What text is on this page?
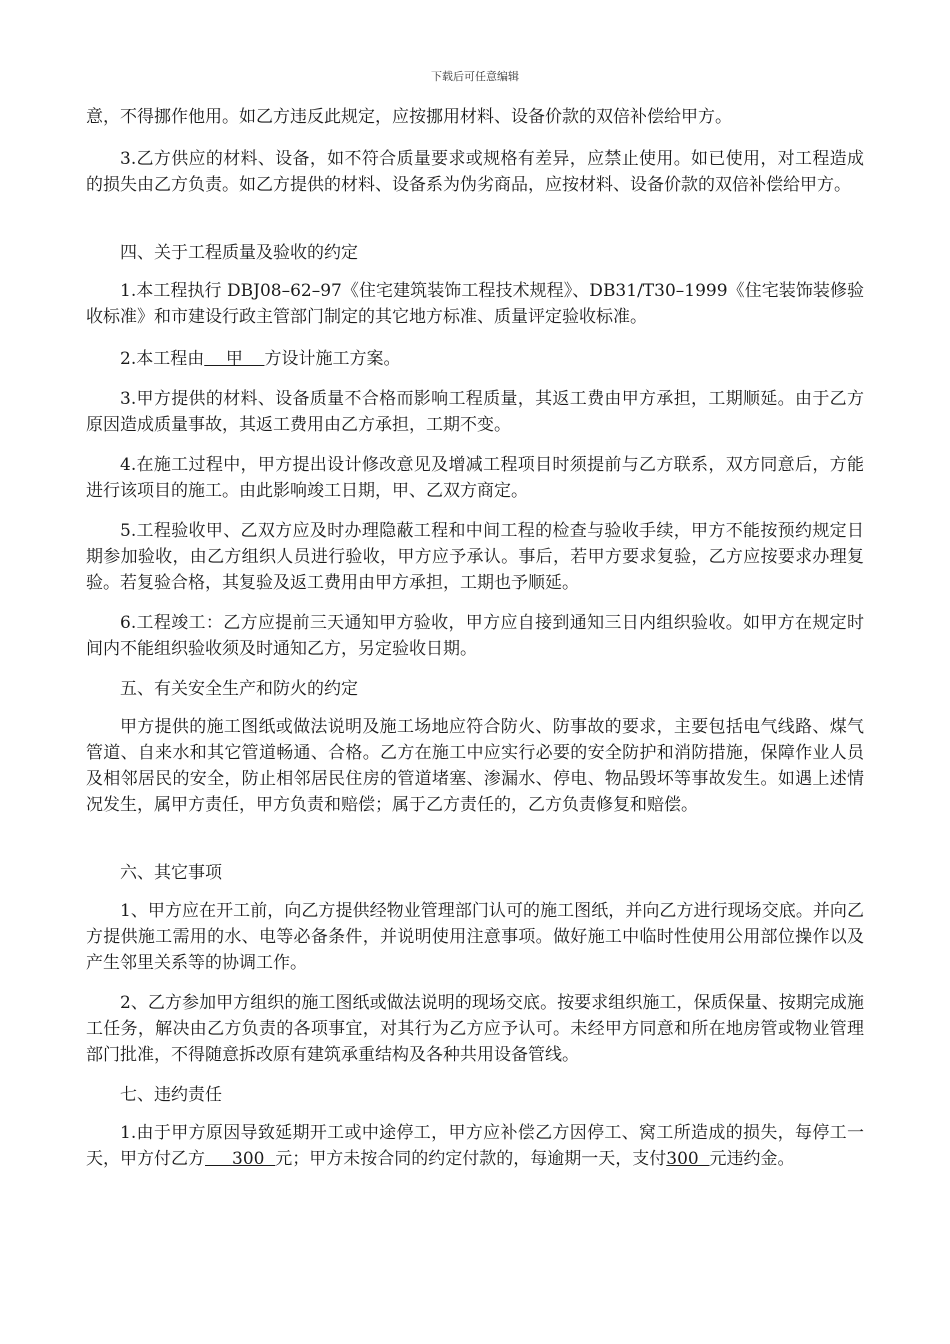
下载后可任意编辑

意，不得挪作他用。如乙方违反此规定，应按挪用材料、设备价款的双倍补偿给甲方。

3.乙方供应的材料、设备，如不符合质量要求或规格有差异，应禁止使用。如已使用，对工程造成的损失由乙方负责。如乙方提供的材料、设备系为伪劣商品，应按材料、设备价款的双倍补偿给甲方。

四、关于工程质量及验收的约定

1.本工程执行 DBJ08–62–97《住宅建筑装饰工程技术规程》、DB31/T30–1999《住宅装饰装修验收标准》和市建设行政主管部门制定的其它地方标准、质量评定验收标准。

2.本工程由    甲    方设计施工方案。

3.甲方提供的材料、设备质量不合格而影响工程质量，其返工费由甲方承担，工期顺延。由于乙方原因造成质量事故，其返工费用由乙方承担，工期不变。

4.在施工过程中，甲方提出设计修改意见及增减工程项目时须提前与乙方联系，双方同意后，方能进行该项目的施工。由此影响竣工日期，甲、乙双方商定。

5.工程验收甲、乙双方应及时办理隐蔽工程和中间工程的检查与验收手续，甲方不能按预约规定日期参加验收，由乙方组织人员进行验收，甲方应予承认。事后，若甲方要求复验，乙方应按要求办理复验。若复验合格，其复验及返工费用由甲方承担，工期也予顺延。

6.工程竣工：乙方应提前三天通知甲方验收，甲方应自接到通知三日内组织验收。如甲方在规定时间内不能组织验收须及时通知乙方，另定验收日期。

五、有关安全生产和防火的约定

甲方提供的施工图纸或做法说明及施工场地应符合防火、防事故的要求，主要包括电气线路、煤气管道、自来水和其它管道畅通、合格。乙方在施工中应实行必要的安全防护和消防措施，保障作业人员及相邻居民的安全，防止相邻居民住房的管道堵塞、渗漏水、停电、物品毁坏等事故发生。如遇上述情况发生，属甲方责任，甲方负责和赔偿；属于乙方责任的，乙方负责修复和赔偿。

六、其它事项

1、甲方应在开工前，向乙方提供经物业管理部门认可的施工图纸，并向乙方进行现场交底。并向乙方提供施工需用的水、电等必备条件，并说明使用注意事项。做好施工中临时性使用公用部位操作以及产生邻里关系等的协调工作。

2、乙方参加甲方组织的施工图纸或做法说明的现场交底。按要求组织施工，保质保量、按期完成施工任务，解决由乙方负责的各项事宜，对其行为乙方应予认可。未经甲方同意和所在地房管或物业管理部门批准，不得随意拆改原有建筑承重结构及各种共用设备管线。

七、违约责任

1.由于甲方原因导致延期开工或中途停工，甲方应补偿乙方因停工、窝工所造成的损失，每停工一天，甲方付乙方     300  元；甲方未按合同的约定付款的，每逾期一天，支付300  元违约金。
